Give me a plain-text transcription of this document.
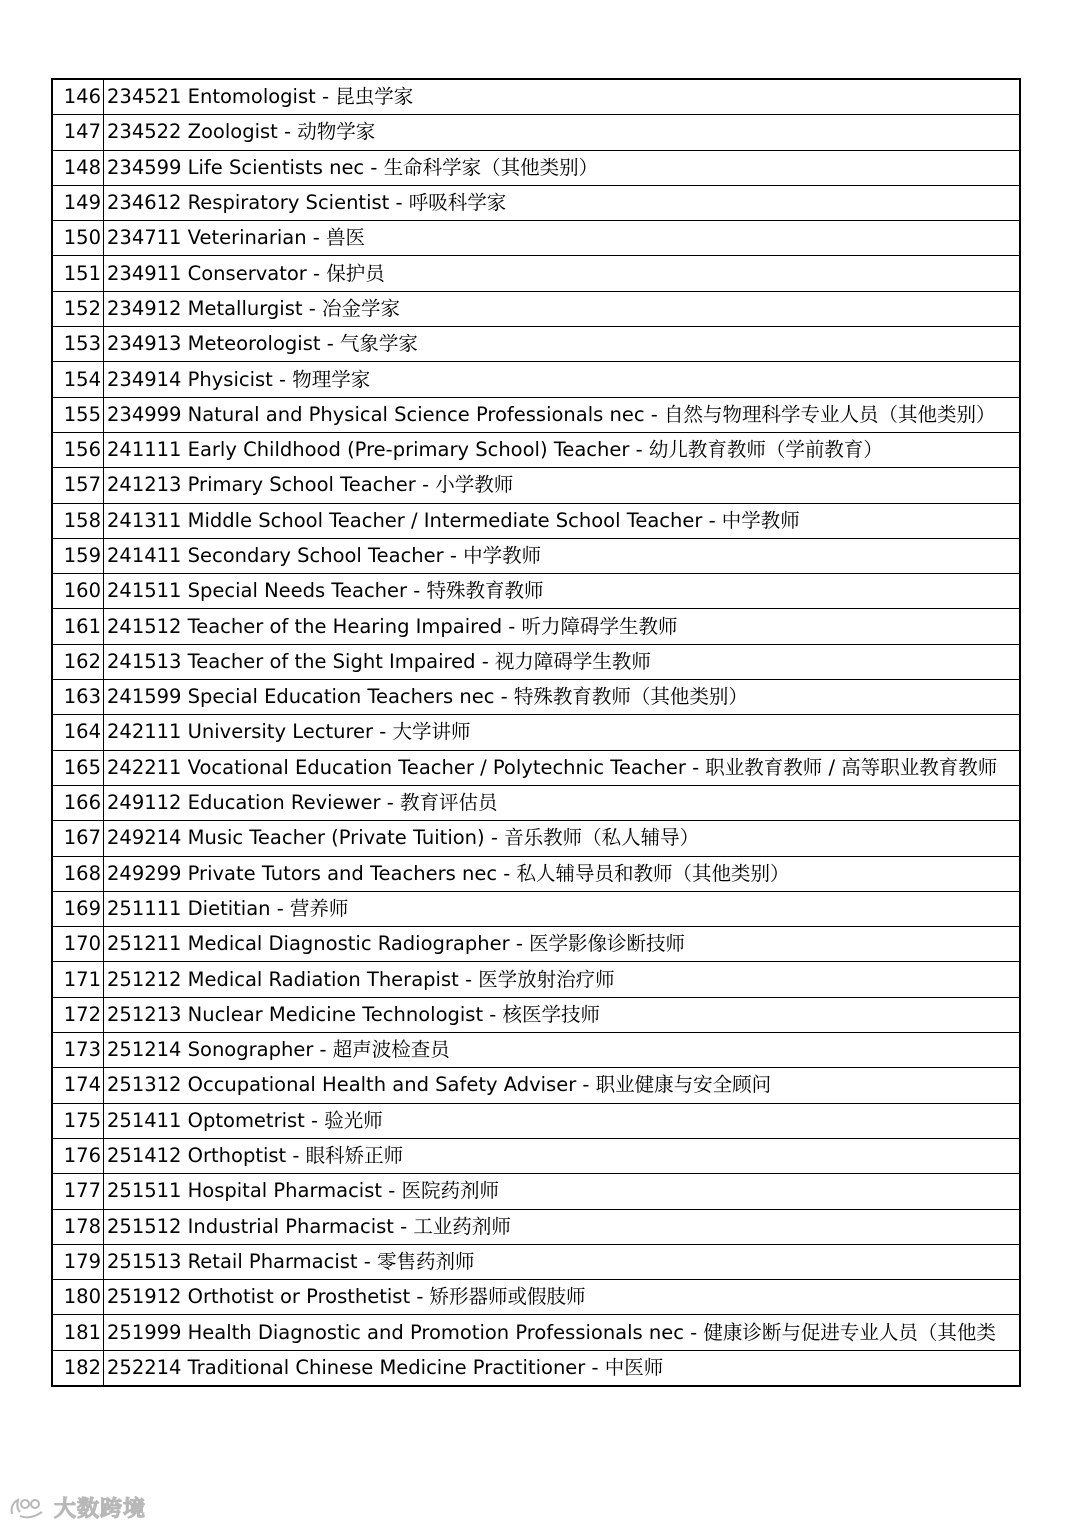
146	234521 Entomologist - 昆虫学家
147	234522 Zoologist - 动物学家
148	234599 Life Scientists nec - 生命科学家（其他类别）
149	234612 Respiratory Scientist - 呼吸科学家
150	234711 Veterinarian - 兽医
151	234911 Conservator - 保护员
152	234912 Metallurgist - 冶金学家
153	234913 Meteorologist - 气象学家
154	234914 Physicist - 物理学家
155	234999 Natural and Physical Science Professionals nec - 自然与物理科学专业人员（其他类别）
156	241111 Early Childhood (Pre-primary School) Teacher - 幼儿教育教师（学前教育）
157	241213 Primary School Teacher - 小学教师
158	241311 Middle School Teacher / Intermediate School Teacher - 中学教师
159	241411 Secondary School Teacher - 中学教师
160	241511 Special Needs Teacher - 特殊教育教师
161	241512 Teacher of the Hearing Impaired - 听力障碍学生教师
162	241513 Teacher of the Sight Impaired - 视力障碍学生教师
163	241599 Special Education Teachers nec - 特殊教育教师（其他类别）
164	242111 University Lecturer - 大学讲师
165	242211 Vocational Education Teacher / Polytechnic Teacher - 职业教育教师 / 高等职业教育教师
166	249112 Education Reviewer - 教育评估员
167	249214 Music Teacher (Private Tuition) - 音乐教师（私人辅导）
168	249299 Private Tutors and Teachers nec - 私人辅导员和教师（其他类别）
169	251111 Dietitian - 营养师
170	251211 Medical Diagnostic Radiographer - 医学影像诊断技师
171	251212 Medical Radiation Therapist - 医学放射治疗师
172	251213 Nuclear Medicine Technologist - 核医学技师
173	251214 Sonographer - 超声波检查员
174	251312 Occupational Health and Safety Adviser - 职业健康与安全顾问
175	251411 Optometrist - 验光师
176	251412 Orthoptist - 眼科矫正师
177	251511 Hospital Pharmacist - 医院药剂师
178	251512 Industrial Pharmacist - 工业药剂师
179	251513 Retail Pharmacist - 零售药剂师
180	251912 Orthotist or Prosthetist - 矫形器师或假肢师
181	251999 Health Diagnostic and Promotion Professionals nec - 健康诊断与促进专业人员（其他类
182	252214 Traditional Chinese Medicine Practitioner - 中医师
大数跨境
